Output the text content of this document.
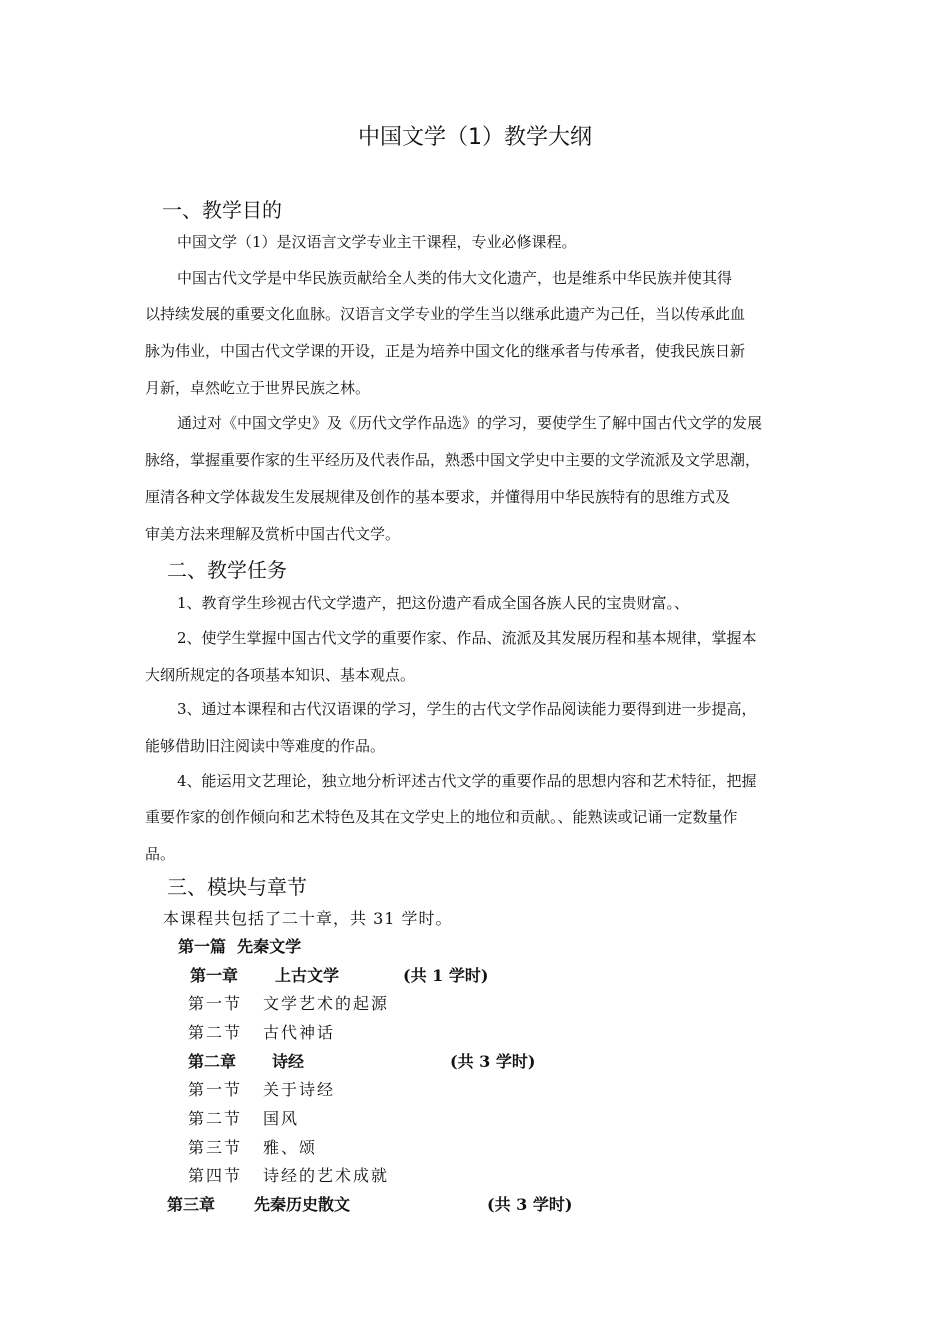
中国文学（1）教学大纲
一、教学目的
中国文学（1）是汉语言文学专业主干课程，专业必修课程。
中国古代文学是中华民族贡献给全人类的伟大文化遗产，也是维系中华民族并使其得
以持续发展的重要文化血脉。汉语言文学专业的学生当以继承此遗产为己任，当以传承此血
脉为伟业，中国古代文学课的开设，正是为培养中国文化的继承者与传承者，使我民族日新
月新，卓然屹立于世界民族之林。
通过对《中国文学史》及《历代文学作品选》的学习，要使学生了解中国古代文学的发展
脉络，掌握重要作家的生平经历及代表作品，熟悉中国文学史中主要的文学流派及文学思潮，
厘清各种文学体裁发生发展规律及创作的基本要求，并懂得用中华民族特有的思维方式及
审美方法来理解及赏析中国古代文学。
二、教学任务
1、教育学生珍视古代文学遗产，把这份遗产看成全国各族人民的宝贵财富。、
2、使学生掌握中国古代文学的重要作家、作品、流派及其发展历程和基本规律，掌握本
大纲所规定的各项基本知识、基本观点。
3、通过本课程和古代汉语课的学习，学生的古代文学作品阅读能力要得到进一步提高，
能够借助旧注阅读中等难度的作品。
4、能运用文艺理论，独立地分析评述古代文学的重要作品的思想内容和艺术特征，把握
重要作家的创作倾向和艺术特色及其在文学史上的地位和贡献。、能熟读或记诵一定数量作
品。
三、模块与章节
本课程共包括了二十章，共 31 学时。
第一篇  先秦文学
第一章 上古文学	(共 1 学时)
第一节 文学艺术的起源
第二节 古代神话
第二章 诗经	(共 3 学时)
第一节 关于诗经
第二节 国风
第三节 雅、颂
第四节 诗经的艺术成就
第三章 先秦历史散文	(共 3 学时)
